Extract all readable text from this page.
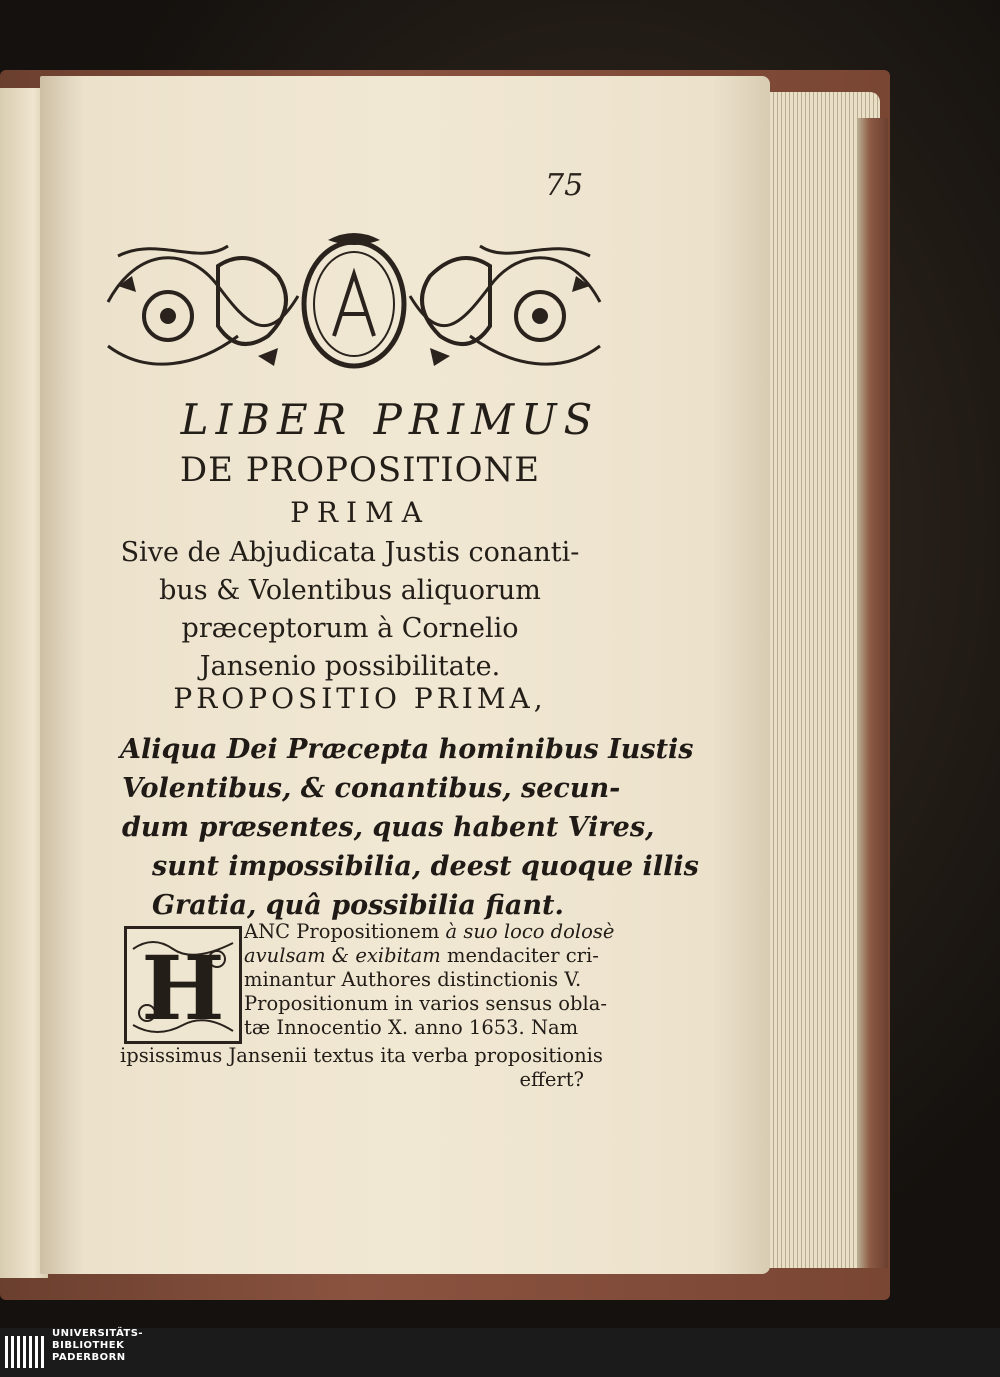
75
LIBER PRIMUS
DE PROPOSITIONE
PRIMA
Sive de Abjudicata Justis conanti-
bus & Volentibus aliquorum
præceptorum à Cornelio
Jansenio possibilitate.
PROPOSITIO PRIMA,
Aliqua Dei Præcepta hominibus Iustis
Volentibus, & conantibus, secun-
dum præsentes, quas habent Vires,
sunt impossibilia, deest quoque illis
Gratia, quâ possibilia fiant.
H
ANC Propositionem à suo loco dolosè
avulsam & exibitam mendaciter cri-
minantur Authores distinctionis V.
Propositionum in varios sensus obla-
tæ Innocentio X. anno 1653. Nam
ipsissimus Jansenii textus ita verba propositionis
effert?
UNIVERSITÄTS-
BIBLIOTHEK
PADERBORN
